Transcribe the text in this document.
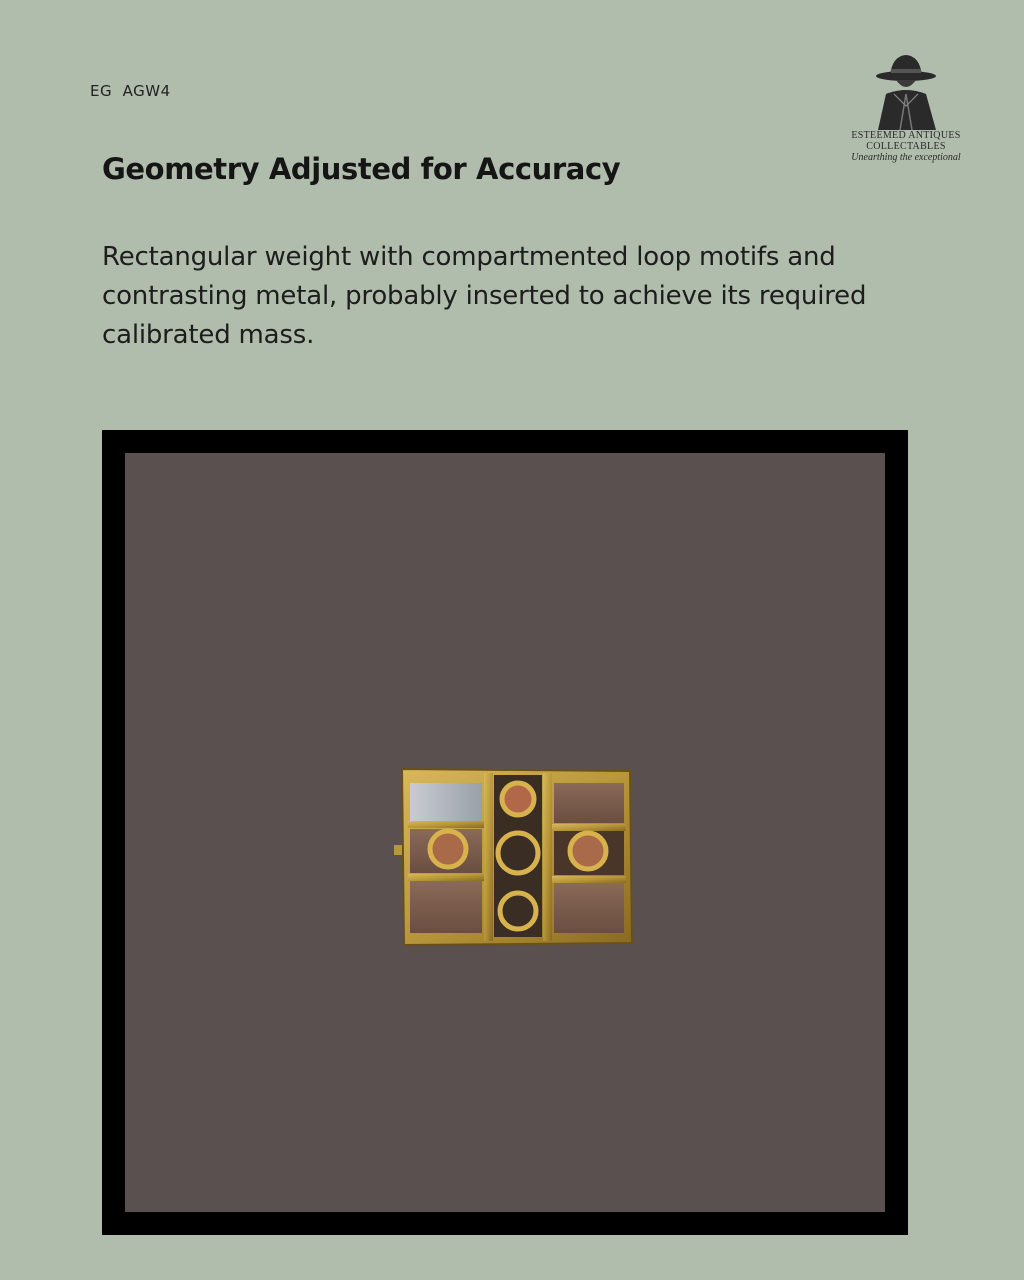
EG  AGW4
ESTEEMED ANTIQUES
COLLECTABLES
Unearthing the exceptional
Geometry Adjusted for Accuracy
Rectangular weight with compartmented loop motifs and contrasting metal, probably inserted to achieve its required calibrated mass.
